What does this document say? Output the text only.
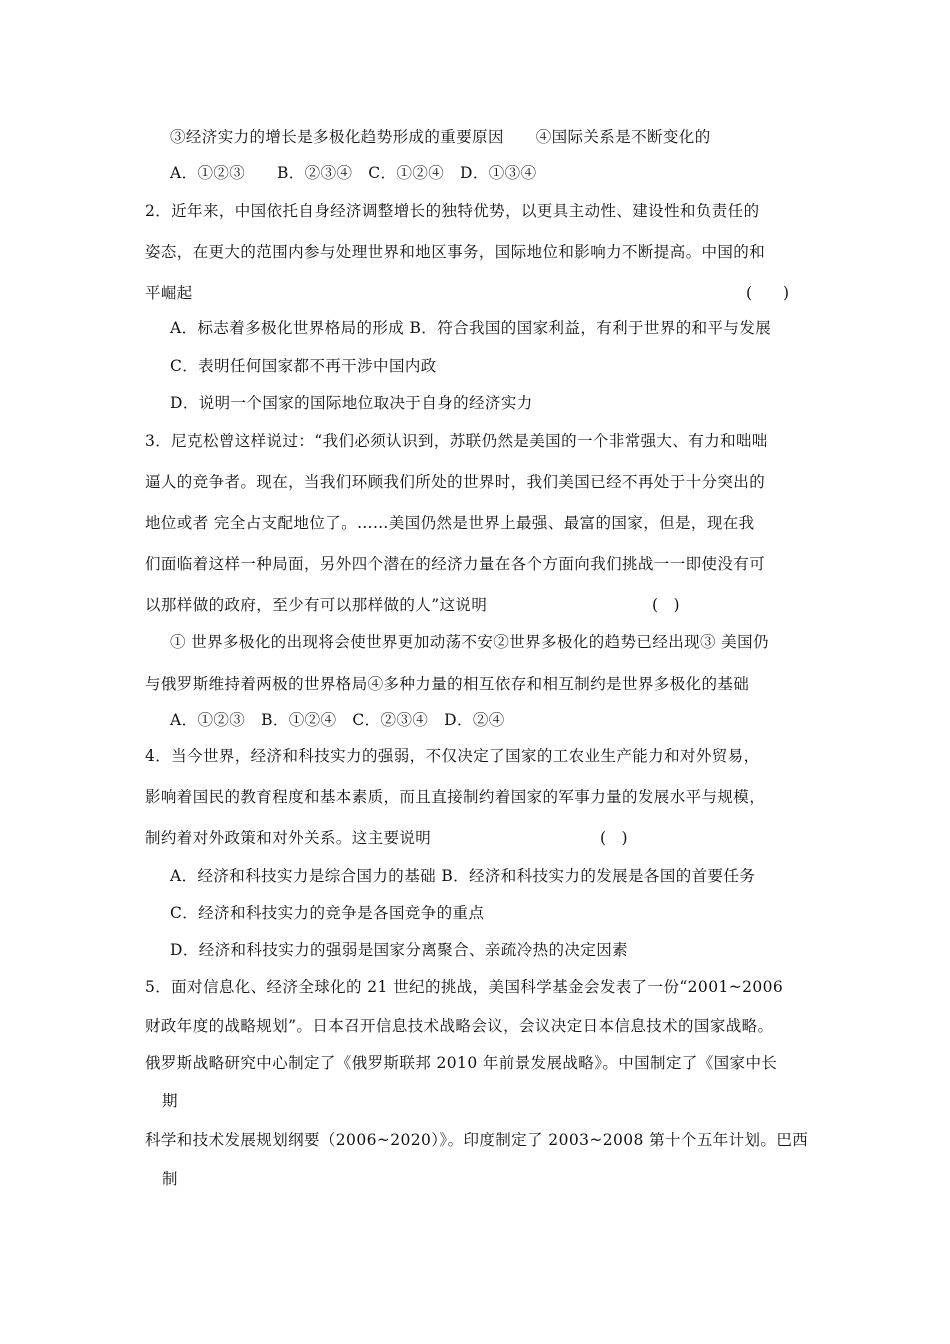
③经济实力的增长是多极化趋势形成的重要原因　　④国际关系是不断变化的
A．①②③　　B．②③④　C．①②④　D．①③④
2．近年来，中国依托自身经济调整增长的独特优势，以更具主动性、建设性和负责任的
姿态，在更大的范围内参与处理世界和地区事务，国际地位和影响力不断提高。中国的和
平崛起	(　　)
A．标志着多极化世界格局的形成 B．符合我国的国家利益，有利于世界的和平与发展
C．表明任何国家都不再干涉中国内政
D．说明一个国家的国际地位取决于自身的经济实力
3．尼克松曾这样说过：“我们必须认识到，苏联仍然是美国的一个非常强大、有力和咄咄
逼人的竞争者。现在，当我们环顾我们所处的世界时，我们美国已经不再处于十分突出的
地位或者 完全占支配地位了。……美国仍然是世界上最强、最富的国家，但是，现在我
们面临着这样一种局面，另外四个潜在的经济力量在各个方面向我们挑战一一即使没有可
以那样做的政府，至少有可以那样做的人”这说明	(　)
① 世界多极化的出现将会使世界更加动荡不安②世界多极化的趋势已经出现③ 美国仍
与俄罗斯维持着两极的世界格局④多种力量的相互依存和相互制约是世界多极化的基础
A．①②③　B．①②④　C．②③④　D．②④
4．当今世界，经济和科技实力的强弱，不仅决定了国家的工农业生产能力和对外贸易，
影响着国民的教育程度和基本素质，而且直接制约着国家的军事力量的发展水平与规模，
制约着对外政策和对外关系。这主要说明	(　)
A．经济和科技实力是综合国力的基础 B．经济和科技实力的发展是各国的首要任务
C．经济和科技实力的竞争是各国竞争的重点
D．经济和科技实力的强弱是国家分离聚合、亲疏冷热的决定因素
5．面对信息化、经济全球化的 21 世纪的挑战，美国科学基金会发表了一份“2001~2006
财政年度的战略规划”。日本召开信息技术战略会议，会议决定日本信息技术的国家战略。
俄罗斯战略研究中心制定了《俄罗斯联邦 2010 年前景发展战略》。中国制定了《国家中长
期
科学和技术发展规划纲要（2006~2020）》。印度制定了 2003~2008 第十个五年计划。巴西
制
